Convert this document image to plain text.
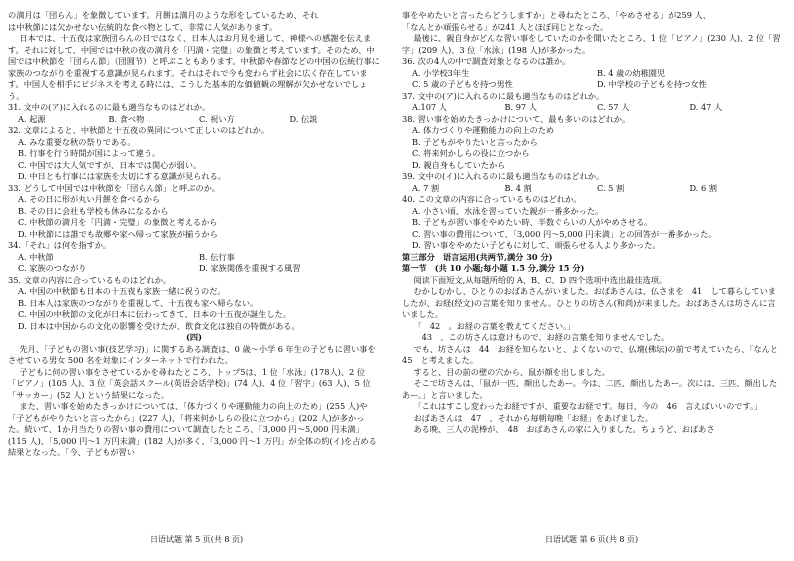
の満月は「団らん」を象徴しています。月餅は満月のような形をしているため、それ

は中秋節には欠かせない伝統的な食べ物として、非常に人気があります。

日本では、十五夜は家族団らんの日ではなく、日本人はお月見を通して、神様への感謝を伝えます。それに対して、中国では中秋の夜の満月を「円満・完璧」の象徴と考えています。そのため、中国では中秋節を「団らん節」（団圆节）と呼ぶこともあります。中秋節や春節などの中国の伝統行事に家族のつながりを重視する意識が見られます。それはそれで今も変わらず社会に広く存在しています。中国人を相手にビジネスを考える時には、こうした基本的な価値観の理解が欠かせないでしょう。

31. 文中の(ア)に入れるのに最も適当なものはどれか。

A. 起源	B. 食べ物	C. 祝い方	D. 伝説

32. 文章によると、中秋節と十五夜の異同について正しいのはどれか。

A. みな重要な秋の祭りである。
B. 行事を行う時間が国によって違う。
C. 中国では大人気ですが、日本では関心が弱い。
D. 中日とも行事には家族を大切にする意識が見られる。

33. どうして中国では中秋節を「団らん節」と呼ぶのか。

A. その日に形が丸い月餅を食べるから
B. その日に会社も学校も休みになるから
C. 中秋節の満月を「円満・完璧」の象徴と考えるから
D. 中秋節には誰でも故郷や家へ帰って家族が揃うから

34.「それ」は何を指すか。

A. 中秋節	B. 伝行事
C. 家族のつながり	D. 家族関係を重視する風習

35. 文章の内容に合っているものはどれか。

A. 中国の中秋節も日本の十五夜も家族一緒に祝うのだ。
B. 日本人は家族のつながりを重視して、十五夜も家へ帰らない。
C. 中国の中秋節の文化が日本に伝わってきて、日本の十五夜が誕生した。
D. 日本は中国からの文化の影響を受けたが、飲食文化は独自の特徴がある。

(四)

先月、「子どもの習い事(技艺学习)」に関するある調査は、0 歳～小学 6 年生の子どもに習い事をさせている男女 500 名を対象にインターネットで行われた。

子どもに何の習い事をさせているかを尋ねたところ、トップ5は、1 位「水泳」(178人)、2 位「ピアノ」(105 人)、3 位「英会話スクール(英语会话学校)」(74 人)、4 位「習字」(63 人)、5 位「サッカー」(52 人) という結果になった。

また、習い事を始めたきっかけについては、「体力づくりや運動能力の向上のため」(255 人)や「子どもがやりたいと言ったから」(227 人)、「将来何かしらの役に立つから」(202 人)が多かった。続いて、1か月当たりの習い事の費用について調査したところ、「3,000 円～5,000 円未満」(115 人)、「5,000 円～1 万円未満」(182 人)が多く、「3,000 円～1 万円」が全体の約(イ)を占める結果となった。「今、子どもが習い

事をやめたいと言ったらどうしますか」と尋ねたところ、「やめさせる」が259 人、

「なんとか頑張らせる」が241 人とほぼ同じとなった。

最後に、親自身がどんな習い事をしていたのかを聞いたところ、1 位「ピアノ」(230 人)、2 位「習字」(209 人)、3 位「水泳」(198 人)が多かった。

36. 次の4人の中で調査対象となるのは誰か。

A. 小学校3年生	B. 4 歳の幼稚園児
C. 5 歳の子どもを持つ男性	D. 中学校の子どもを持つ女性

37. 文中の(ア)に入れるのに最も適当なものはどれか。

A.107 人	B. 97 人	C. 57 人	D. 47 人

38. 習い事を始めたきっかけについて、最も多いのはどれか。

A. 体力づくりや運動能力の向上のため
B. 子どもがやりたいと言ったから
C. 将来何かしらの役に立つから
D. 親自身もしていたから

39. 文中の(イ)に入れるのに最も適当なものはどれか。

A. 7 割	B. 4 割	C. 5 割	D. 6 割

40. この文章の内容に合っているものはどれか。

A. 小さい頃、水泳を習っていた親が一番多かった。
B. 子どもが習い事をやめたい時、半数ぐらいの人がやめさせる。
C. 習い事の費用について、「3,000 円～5,000 円未満」との回答が一番多かった。
D. 習い事をやめたい子どもに対して、頑張らせる人より多かった。

第三部分　语言运用(共两节,满分 30 分)

第一节　(共 10 小题;每小题 1.5 分,满分 15 分)

阅读下面短文,从每题所给的 A、B、C、D 四个选项中选出最佳选项。

むかしむかし、ひとりのおばあさんがいました。おばあさんは、仏さまを　41　して暮らしていましたが、お経(经文)の言葉を知りません。ひとりの坊さん(和尚)が来ました。おばあさんは坊さんに言いました。

「　42　。お経の言葉を教えてください。」

　43　、この坊さんは意けもので、お経の言葉を知りませんでした。

でも、坊さんは　44　お経を知らないと、よくないので、仏壇(佛坛)の前で考えていたら、「なんと　45　と考えました。

すると、目の前の壁の穴から、鼠が顔を出しました。

そこで坊さんは、「鼠が一匹、顔出したあー。今は、二匹、顔出したあー。次には、三匹、顔出したあー。」と言いました。

「これはすこし変わったお経ですが、重要なお経です。毎日、今の　46　言えばいいのです。」

おばあさんは　47　、それから毎朝毎晩「お経」をあげました。

ある晩、三人の泥棒が、　48　おばあさんの家に入りました。ちょうど、おばあさ

日语试题 第 5 页(共 8 页)	日语试题 第 6 页(共 8 页)
